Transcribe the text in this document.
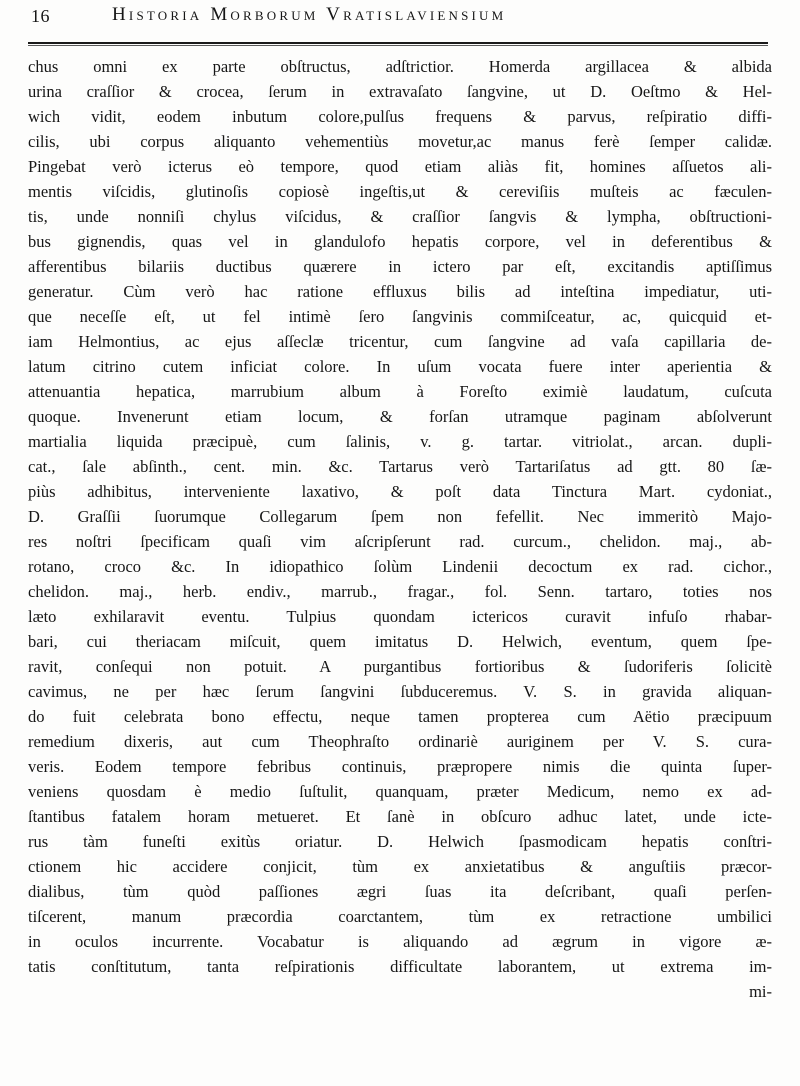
16	Historia Morborum Vratislaviensium
chus omni ex parte obſtructus, adſtrictior. Homerda argillacea & albida
urina craſſior & crocea, ſerum in extravaſato ſangvine, ut D. Oeſtmo & Hel-
wich vidit, eodem inbutum colore,pulſus frequens & parvus, reſpiratio diffi-
cilis, ubi corpus aliquanto vehementiùs movetur,ac manus ferè ſemper calidæ.
Pingebat verò icterus eò tempore, quod etiam aliàs fit, homines aſſuetos ali-
mentis viſcidis, glutinoſis copiosè ingeſtis,ut & cereviſiis muſteis ac fæculen-
tis, unde nonniſi chylus viſcidus, & craſſior ſangvis & lympha, obſtructioni-
bus gignendis, quas vel in glandulofo hepatis corpore, vel in deferentibus &
afferentibus bilariis ductibus quærere in ictero par eſt, excitandis aptiſſimus
generatur. Cùm verò hac ratione effluxus bilis ad inteſtina impediatur, uti-
que neceſſe eſt, ut fel intimè ſero ſangvinis commiſceatur, ac, quicquid et-
iam Helmontius, ac ejus aſſeclæ tricentur, cum ſangvine ad vaſa capillaria de-
latum citrino cutem inficiat colore. In uſum vocata fuere inter aperientia &
attenuantia hepatica, marrubium album à Foreſto eximiè laudatum, cuſcuta
quoque. Invenerunt etiam locum, & forſan utramque paginam abſolverunt
martialia liquida præcipuè, cum ſalinis, v. g. tartar. vitriolat., arcan. dupli-
cat., ſale abſinth., cent. min. &c. Tartarus verò Tartariſatus ad gtt. 80 ſæ-
piùs adhibitus, interveniente laxativo, & poſt data Tinctura Mart. cydoniat.,
D. Graſſii ſuorumque Collegarum ſpem non fefellit. Nec immeritò Majo-
res noſtri ſpecificam quaſi vim aſcripſerunt rad. curcum., chelidon. maj., ab-
rotano, croco &c. In idiopathico ſolùm Lindenii decoctum ex rad. cichor.,
chelidon. maj., herb. endiv., marrub., fragar., fol. Senn. tartaro, toties nos
læto exhilaravit eventu. Tulpius quondam ictericos curavit infuſo rhabar-
bari, cui theriacam miſcuit, quem imitatus D. Helwich, eventum, quem ſpe-
ravit, conſequi non potuit. A purgantibus fortioribus & ſudoriferis ſolicitè
cavimus, ne per hæc ſerum ſangvini ſubduceremus. V. S. in gravida aliquan-
do fuit celebrata bono effectu, neque tamen propterea cum Aëtio præcipuum
remedium dixeris, aut cum Theophraſto ordinariè auriginem per V. S. cura-
veris. Eodem tempore febribus continuis, præpropere nimis die quinta ſuper-
veniens quosdam è medio ſuſtulit, quanquam, præter Medicum, nemo ex ad-
ſtantibus fatalem horam metueret. Et ſanè in obſcuro adhuc latet, unde icte-
rus tàm funeſti exitùs oriatur. D. Helwich ſpasmodicam hepatis conſtri-
ctionem hic accidere conjicit, tùm ex anxietatibus & anguſtiis præcor-
dialibus, tùm quòd paſſiones ægri ſuas ita deſcribant, quaſi perſen-
tiſcerent, manum præcordia coarctantem, tùm ex retractione umbilici
in oculos incurrente. Vocabatur is aliquando ad ægrum in vigore æ-
tatis conſtitutum, tanta reſpirationis difficultate laborantem, ut extrema im-
mi-
